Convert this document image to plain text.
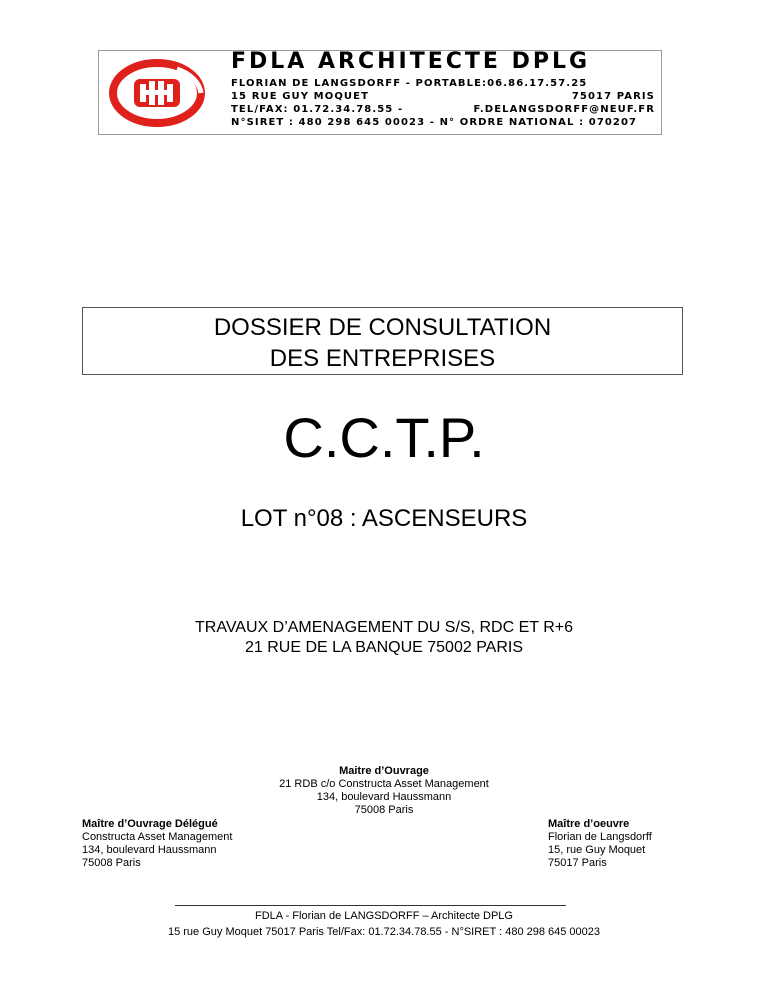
FDLA ARCHITECTE DPLG
FLORIAN DE LANGSDORFF - PORTABLE:06.86.17.57.25
15 RUE GUY MOQUET	75017 PARIS
TEL/FAX: 01.72.34.78.55 -	F.DELANGSDORFF@NEUF.FR
N°SIRET : 480 298 645 00023 - N° ORDRE NATIONAL : 070207
DOSSIER DE CONSULTATION
DES ENTREPRISES
C.C.T.P.
LOT n°08 : ASCENSEURS
TRAVAUX D’AMENAGEMENT DU S/S, RDC ET R+6
21 RUE DE LA BANQUE 75002 PARIS
Maitre d’Ouvrage
21 RDB c/o Constructa Asset Management
134, boulevard Haussmann
75008 Paris
Maître d’Ouvrage Délégué
Constructa Asset Management
134, boulevard Haussmann
75008 Paris
Maître d’oeuvre
Florian de Langsdorff
15, rue Guy Moquet
75017 Paris
FDLA - Florian de LANGSDORFF – Architecte DPLG
15 rue Guy Moquet 75017 Paris Tel/Fax: 01.72.34.78.55 - N°SIRET : 480 298 645 00023
